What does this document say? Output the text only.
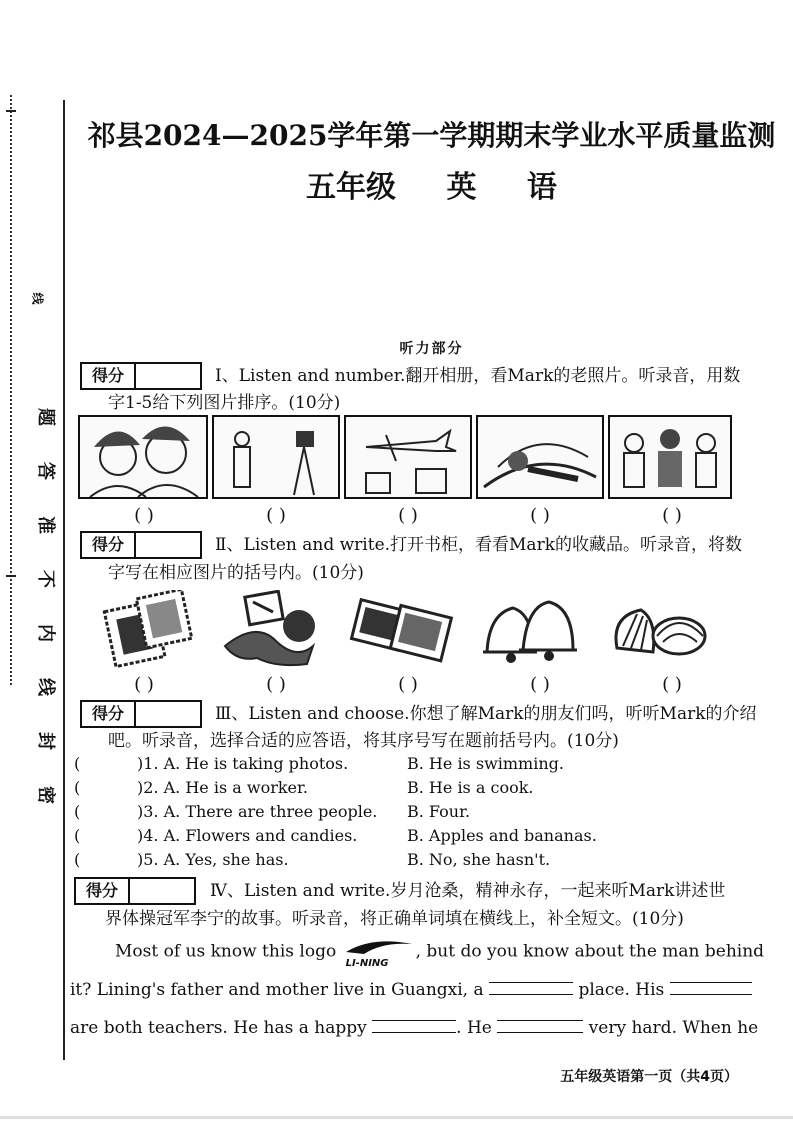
线
题
答
准
不
内
线
封
密
祁县2024—2025学年第一学期期末学业水平质量监测
五年级 英 语
听力部分
得分	Ⅰ、Listen and number.翻开相册，看Mark的老照片。听录音，用数
字1-5给下列图片排序。(10分)
( )	( )	( )	( )	( )
得分	Ⅱ、Listen and write.打开书柜，看看Mark的收藏品。听录音，将数
字写在相应图片的括号内。(10分)
( )	( )	( )	( )	( )
得分	Ⅲ、Listen and choose.你想了解Mark的朋友们吗，听听Mark的介绍
吧。听录音，选择合适的应答语，将其序号写在题前括号内。(10分)
(	)1. A. He is taking photos.	B. He is swimming.
(	)2. A. He is a worker.	B. He is a cook.
(	)3. A. There are three people. B. Four.
(	)4. A. Flowers and candies.	B. Apples and bananas.
(	)5. A. Yes, she has.	B. No, she hasn't.
得分	Ⅳ、Listen and write.岁月沧桑，精神永存，一起来听Mark讲述世
界体操冠军李宁的故事。听录音，将正确单词填在横线上，补全短文。(10分)
Most of us know this logo
LI-NING
, but do you know about the man behind
it? Lining's father and mother live in Guangxi, a	place. His
are both teachers. He has a happy	. He	very hard. When he
五年级英语第一页（共4页）
